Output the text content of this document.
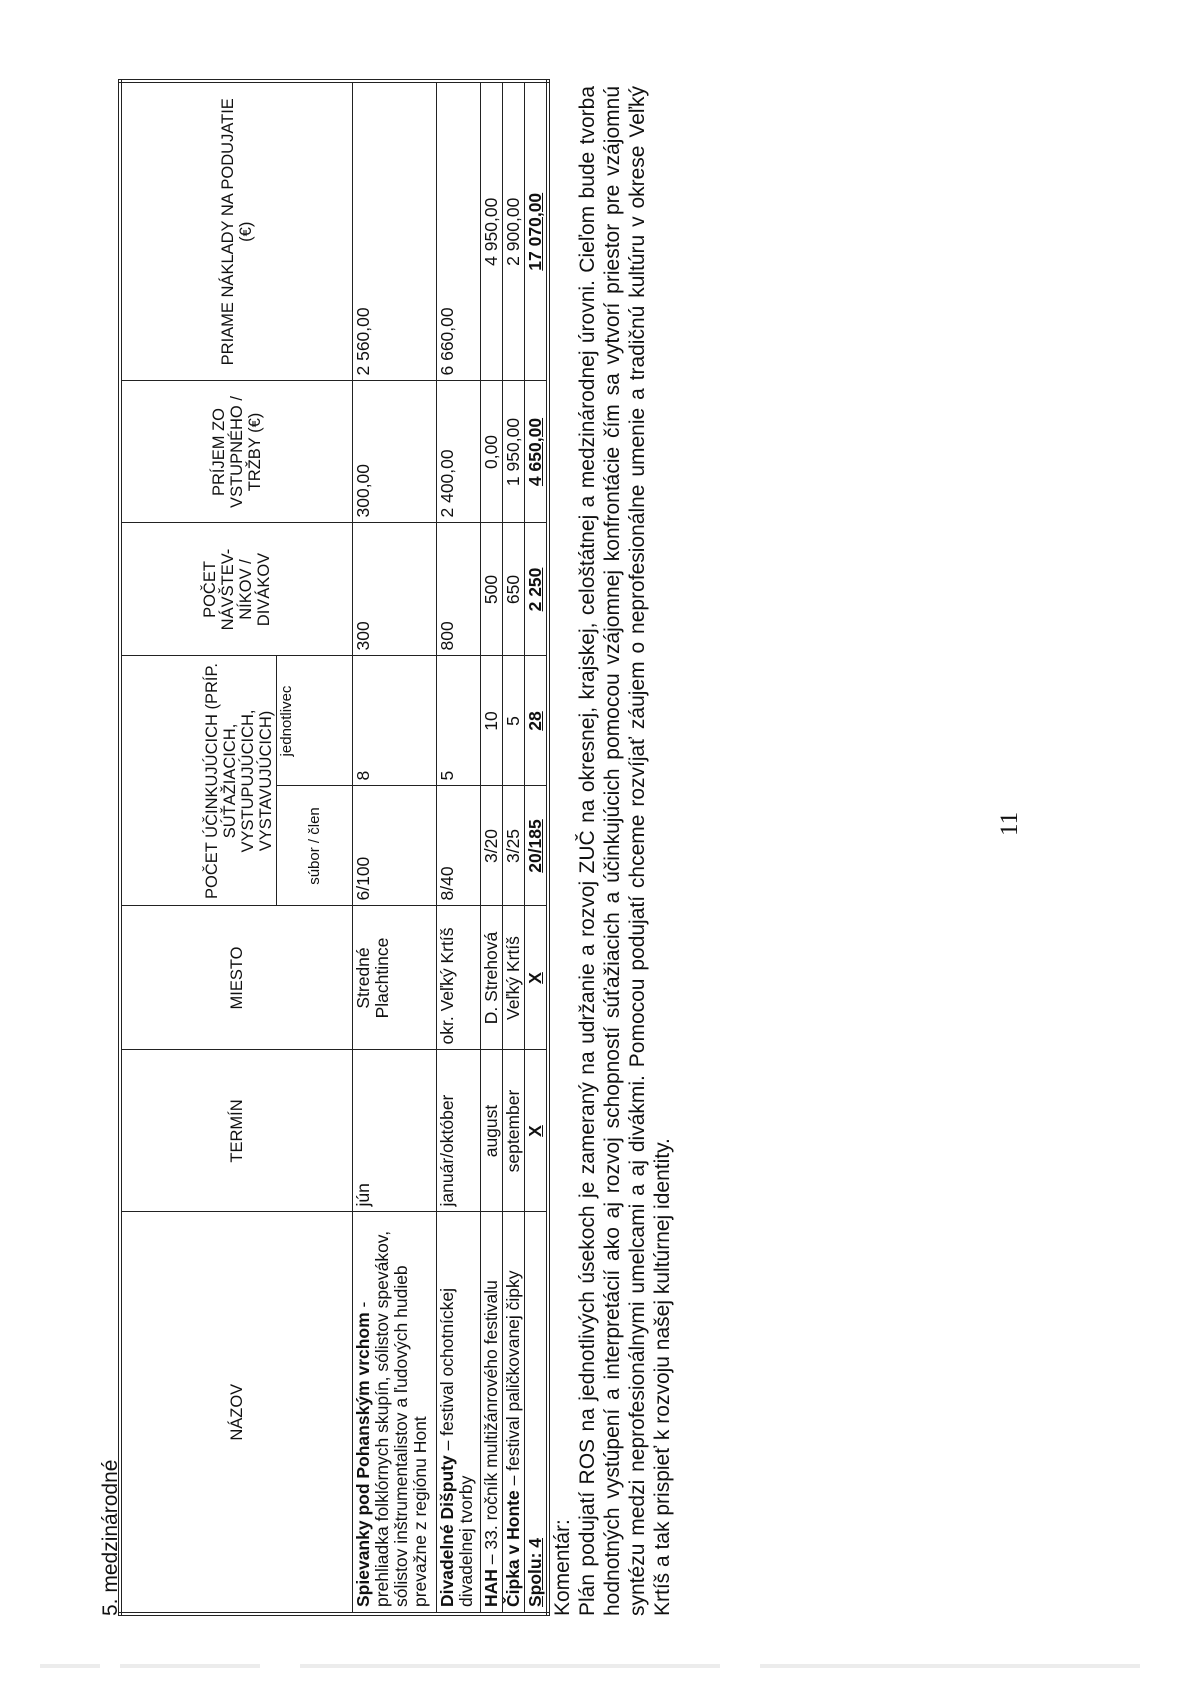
5. medzinárodné
NÁZOV	TERMÍN	MIESTO	POČET ÚČINKUJÚCICH (PRÍP. SÚŤAŽIACICH, VYSTUPUJÚCICH, VYSTAVUJÚCICH)		POČET NÁVŠTEV-NÍKOV / DIVÁKOV	PRÍJEM ZO VSTUPNÉHO / TRŽBY (€)	PRIAME NÁKLADY NA PODUJATIE (€)
			súbor / člen	jednotlivec			
Spievanky pod Pohanským vrchom - prehliadka folklórnych skupín, sólistov spevákov, sólistov inštrumentalistov a ľudových hudieb prevažne z regiónu Hont	jún	Stredné Plachtince	6/100	8	300	300,00	2 560,00
Divadelné Dišputy – festival ochotníckej divadelnej tvorby	január/október	okr. Veľký Krtíš	8/40	5	800	2 400,00	6 660,00
HAH – 33. ročník multižánrového festivalu	august	D. Strehová	3/20	10	500	0,00	4 950,00
Čipka v Honte – festival paličkovanej čipky	september	Veľký Krtíš	3/25	5	650	1 950,00	2 900,00
Spolu: 4	X	X	20/185	28	2 250	4 650,00	17 070,00
Komentár: Plán podujatí ROS na jednotlivých úsekoch je zameraný na udržanie a rozvoj ZUČ na okresnej, krajskej, celoštátnej a medzinárodnej úrovni. Cieľom bude tvorba hodnotných vystúpení a interpretácií ako aj rozvoj schopností súťažiacich a účinkujúcich pomocou vzájomnej konfrontácie čím sa vytvorí priestor pre vzájomnú syntézu medzi neprofesionálnymi umelcami a aj divákmi. Pomocou podujatí chceme rozvíjať záujem o neprofesionálne umenie a tradičnú kultúru v okrese Veľký Krtíš a tak prispieť k rozvoju našej kultúrnej identity.
11
